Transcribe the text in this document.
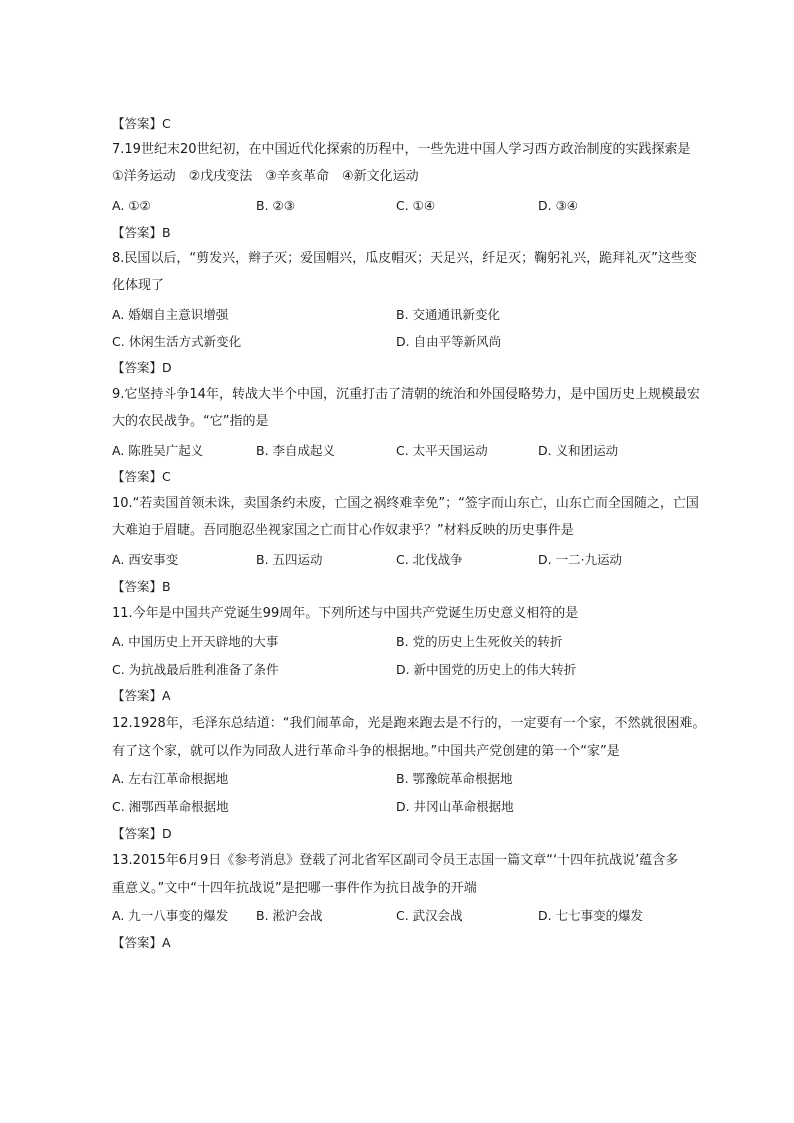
【答案】C
7.19世纪末20世纪初，在中国近代化探索的历程中，一些先进中国人学习西方政治制度的实践探索是
①洋务运动　②戊戌变法　③辛亥革命　④新文化运动
A. ①②	B. ②③	C. ①④	D. ③④
【答案】B
8.民国以后，“剪发兴，辫子灭；爱国帽兴，瓜皮帽灭；天足兴，纤足灭；鞠躬礼兴，跪拜礼灭”这些变
化体现了
A. 婚姻自主意识增强	B. 交通通讯新变化
C. 休闲生活方式新变化	D. 自由平等新风尚
【答案】D
9.它坚持斗争14年，转战大半个中国，沉重打击了清朝的统治和外国侵略势力，是中国历史上规模最宏
大的农民战争。“它”指的是
A. 陈胜吴广起义	B. 李自成起义	C. 太平天国运动	D. 义和团运动
【答案】C
10.“若卖国首领未诛，卖国条约未废，亡国之祸终难幸免”；“签字而山东亡，山东亡而全国随之，亡国
大难迫于眉睫。吾同胞忍坐视家国之亡而甘心作奴隶乎？”材料反映的历史事件是
A. 西安事变	B. 五四运动	C. 北伐战争	D. 一二·九运动
【答案】B
11.今年是中国共产党诞生99周年。下列所述与中国共产党诞生历史意义相符的是
A. 中国历史上开天辟地的大事	B. 党的历史上生死攸关的转折
C. 为抗战最后胜利准备了条件	D. 新中国党的历史上的伟大转折
【答案】A
12.1928年，毛泽东总结道：“我们闹革命，光是跑来跑去是不行的，一定要有一个家，不然就很困难。
有了这个家，就可以作为同敌人进行革命斗争的根据地。”中国共产党创建的第一个“家”是
A. 左右江革命根据地	B. 鄂豫皖革命根据地
C. 湘鄂西革命根据地	D. 井冈山革命根据地
【答案】D
13.2015年6月9日《参考消息》登载了河北省军区副司令员王志国一篇文章“‘十四年抗战说’蕴含多
重意义。”文中“十四年抗战说”是把哪一事件作为抗日战争的开端
A. 九一八事变的爆发 B. 淞沪会战	C. 武汉会战	D. 七七事变的爆发
【答案】A
